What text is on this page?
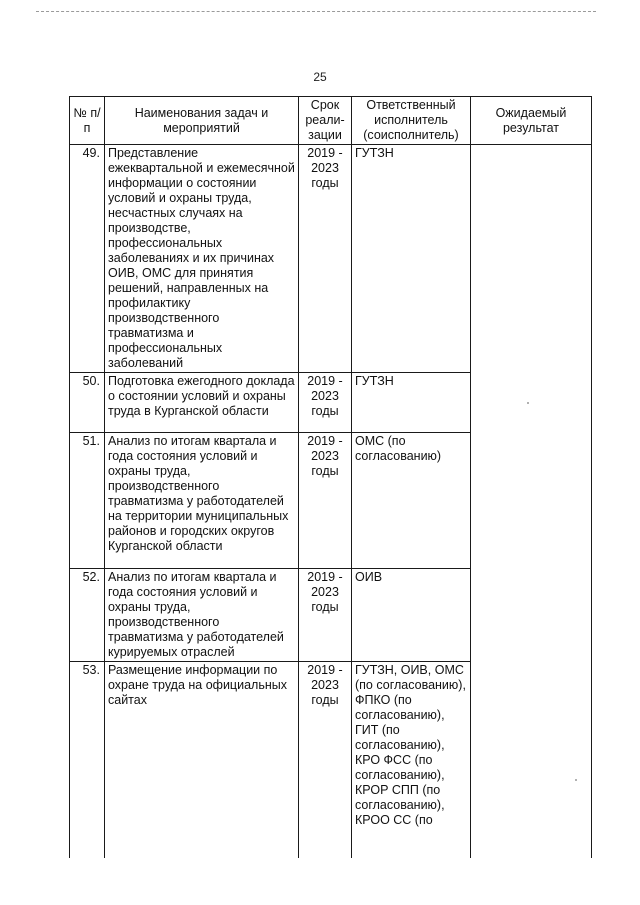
25
№ п/п	Наименования задач и мероприятий	Срок реали-зации	Ответственный исполнитель (соисполнитель)	Ожидаемый результат
49.	Представление ежеквартальной и ежемесячной информации о состоянии условий и охраны труда, несчастных случаях на производстве, профессиональных заболеваниях и их причинах ОИВ, ОМС для принятия решений, направленных на профилактику производственного травматизма и профессиональных заболеваний	2019 - 2023 годы	ГУТЗН	
50.	Подготовка ежегодного доклада о состоянии условий и охраны труда в Курганской области	2019 - 2023 годы	ГУТЗН	
51.	Анализ по итогам квартала и года состояния условий и охраны труда, производственного травматизма у работодателей на территории муниципальных районов и городских округов Курганской области	2019 - 2023 годы	ОМС (по согласованию)	
52.	Анализ по итогам квартала и года состояния условий и охраны труда, производственного травматизма у работодателей курируемых отраслей	2019 - 2023 годы	ОИВ	
53.	Размещение информации по охране труда на официальных сайтах	2019 - 2023 годы	ГУТЗН, ОИВ, ОМС (по согласованию), ФПКО (по согласованию), ГИТ (по согласованию), КРО ФСС (по согласованию), КРОР СПП (по согласованию), КРОО СС (по	
